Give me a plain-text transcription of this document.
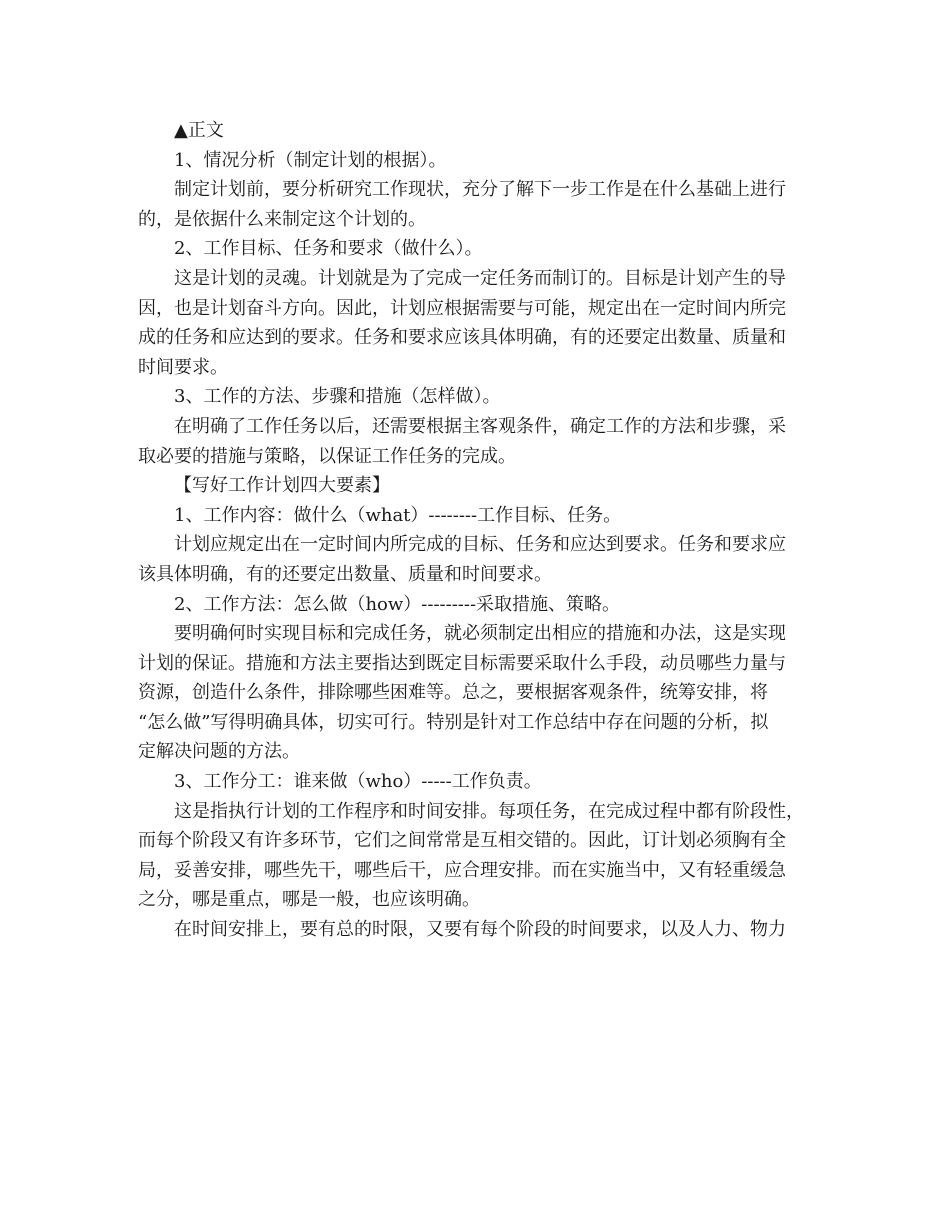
▲正文
1、情况分析（制定计划的根据）。
制定计划前，要分析研究工作现状，充分了解下一步工作是在什么基础上进行
的，是依据什么来制定这个计划的。
2、工作目标、任务和要求（做什么）。
这是计划的灵魂。计划就是为了完成一定任务而制订的。目标是计划产生的导
因，也是计划奋斗方向。因此，计划应根据需要与可能，规定出在一定时间内所完
成的任务和应达到的要求。任务和要求应该具体明确，有的还要定出数量、质量和
时间要求。
3、工作的方法、步骤和措施（怎样做）。
在明确了工作任务以后，还需要根据主客观条件，确定工作的方法和步骤，采
取必要的措施与策略，以保证工作任务的完成。
【写好工作计划四大要素】
1、工作内容：做什么（what）--------工作目标、任务。
计划应规定出在一定时间内所完成的目标、任务和应达到要求。任务和要求应
该具体明确，有的还要定出数量、质量和时间要求。
2、工作方法：怎么做（how）---------采取措施、策略。
要明确何时实现目标和完成任务，就必须制定出相应的措施和办法，这是实现
计划的保证。措施和方法主要指达到既定目标需要采取什么手段，动员哪些力量与
资源，创造什么条件，排除哪些困难等。总之，要根据客观条件，统筹安排，将
“怎么做”写得明确具体，切实可行。特别是针对工作总结中存在问题的分析，拟
定解决问题的方法。
3、工作分工：谁来做（who）-----工作负责。
这是指执行计划的工作程序和时间安排。每项任务，在完成过程中都有阶段性，
而每个阶段又有许多环节，它们之间常常是互相交错的。因此，订计划必须胸有全
局，妥善安排，哪些先干，哪些后干，应合理安排。而在实施当中，又有轻重缓急
之分，哪是重点，哪是一般，也应该明确。
在时间安排上，要有总的时限，又要有每个阶段的时间要求，以及人力、物力
